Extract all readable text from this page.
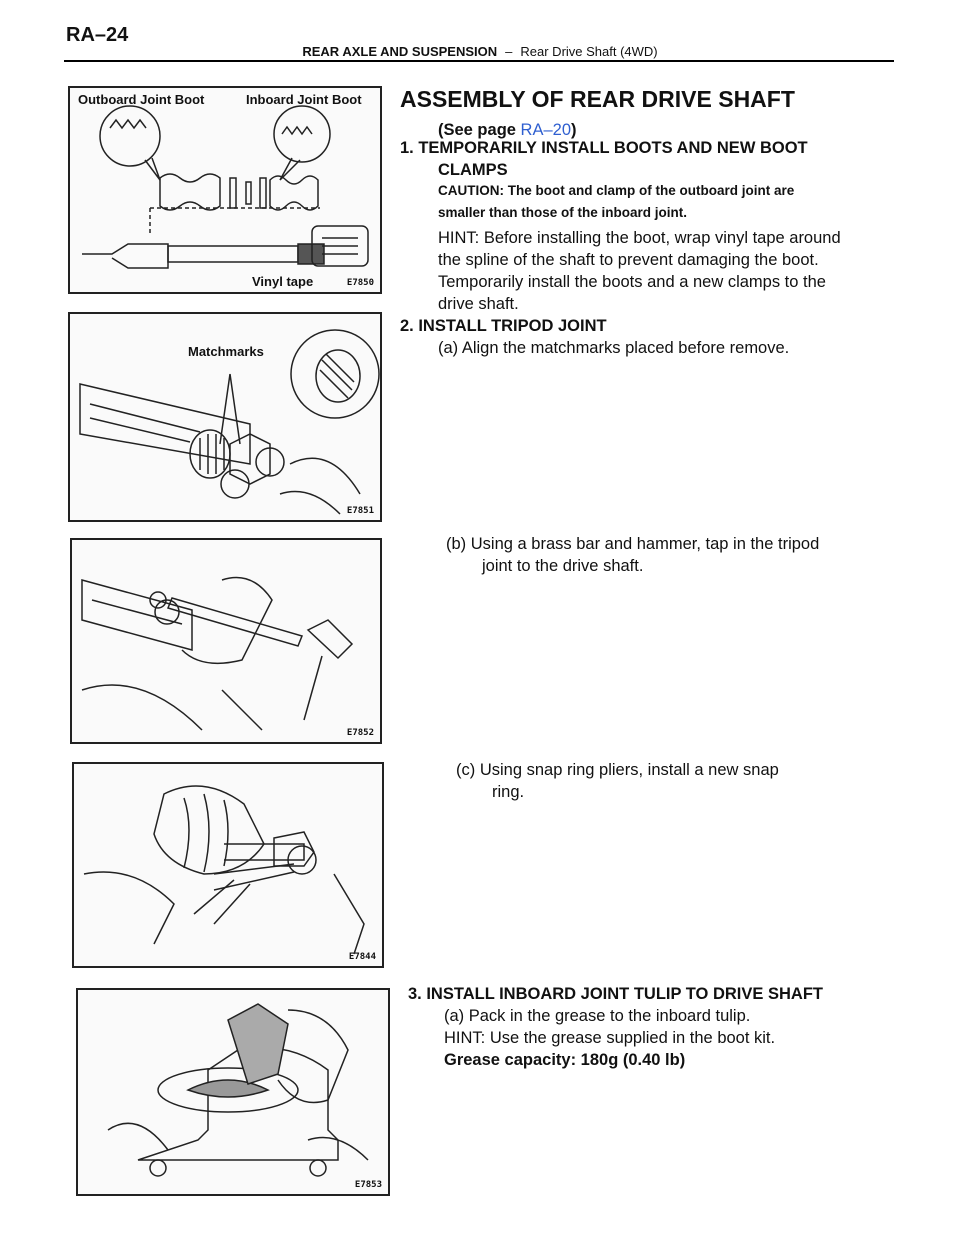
RA–24
REAR AXLE AND SUSPENSION – Rear Drive Shaft (4WD)
Outboard Joint Boot	Inboard Joint Boot
Vinyl tape	E7850
Matchmarks
E7851
E7852
E7844
E7853
ASSEMBLY OF REAR DRIVE SHAFT
(See page RA–20)
1. TEMPORARILY INSTALL BOOTS AND NEW BOOT
CLAMPS
CAUTION: The boot and clamp of the outboard joint are
smaller than those of the inboard joint.
HINT: Before installing the boot, wrap vinyl tape around
the spline of the shaft to prevent damaging the boot.
Temporarily install the boots and a new clamps to the
drive shaft.
2. INSTALL TRIPOD JOINT
(a) Align the matchmarks placed before remove.
(b) Using a brass bar and hammer, tap in the tripod
joint to the drive shaft.
(c) Using snap ring pliers, install a new snap
ring.
3. INSTALL INBOARD JOINT TULIP TO DRIVE SHAFT
(a) Pack in the grease to the inboard tulip.
HINT: Use the grease supplied in the boot kit.
Grease capacity: 180g (0.40 lb)
